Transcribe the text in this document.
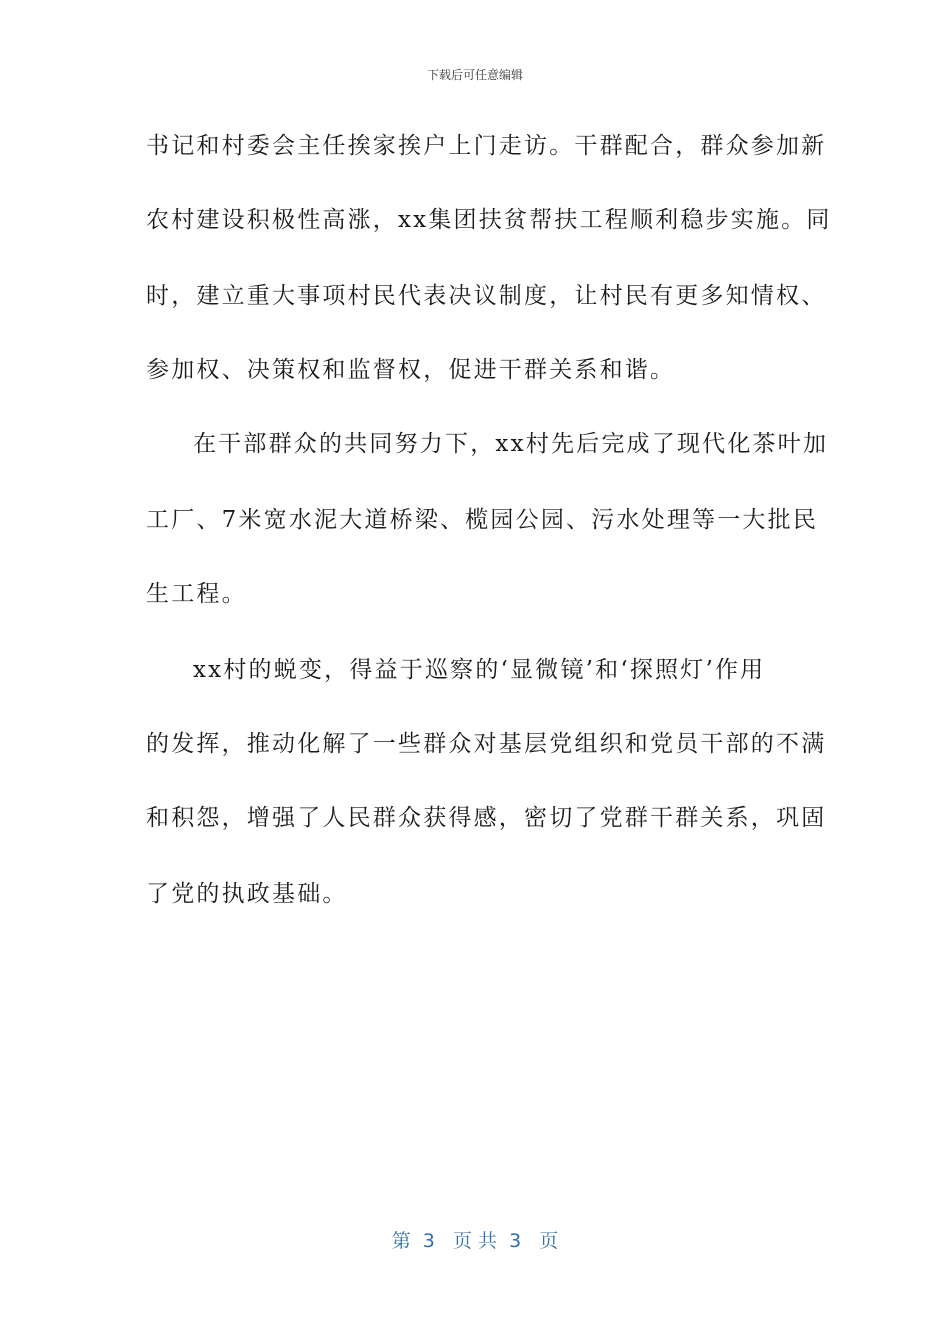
下载后可任意编辑
书记和村委会主任挨家挨户上门走访。干群配合，群众参加新
农村建设积极性高涨，xx集团扶贫帮扶工程顺利稳步实施。同
时，建立重大事项村民代表决议制度，让村民有更多知情权、
参加权、决策权和监督权，促进干群关系和谐。
在干部群众的共同努力下，xx村先后完成了现代化茶叶加
工厂、7米宽水泥大道桥梁、榄园公园、污水处理等一大批民
生工程。
xx村的蜕变，得益于巡察的‘显微镜’和‘探照灯’作用
的发挥，推动化解了一些群众对基层党组织和党员干部的不满
和积怨，增强了人民群众获得感，密切了党群干群关系，巩固
了党的执政基础。
第  3   页 共  3   页
